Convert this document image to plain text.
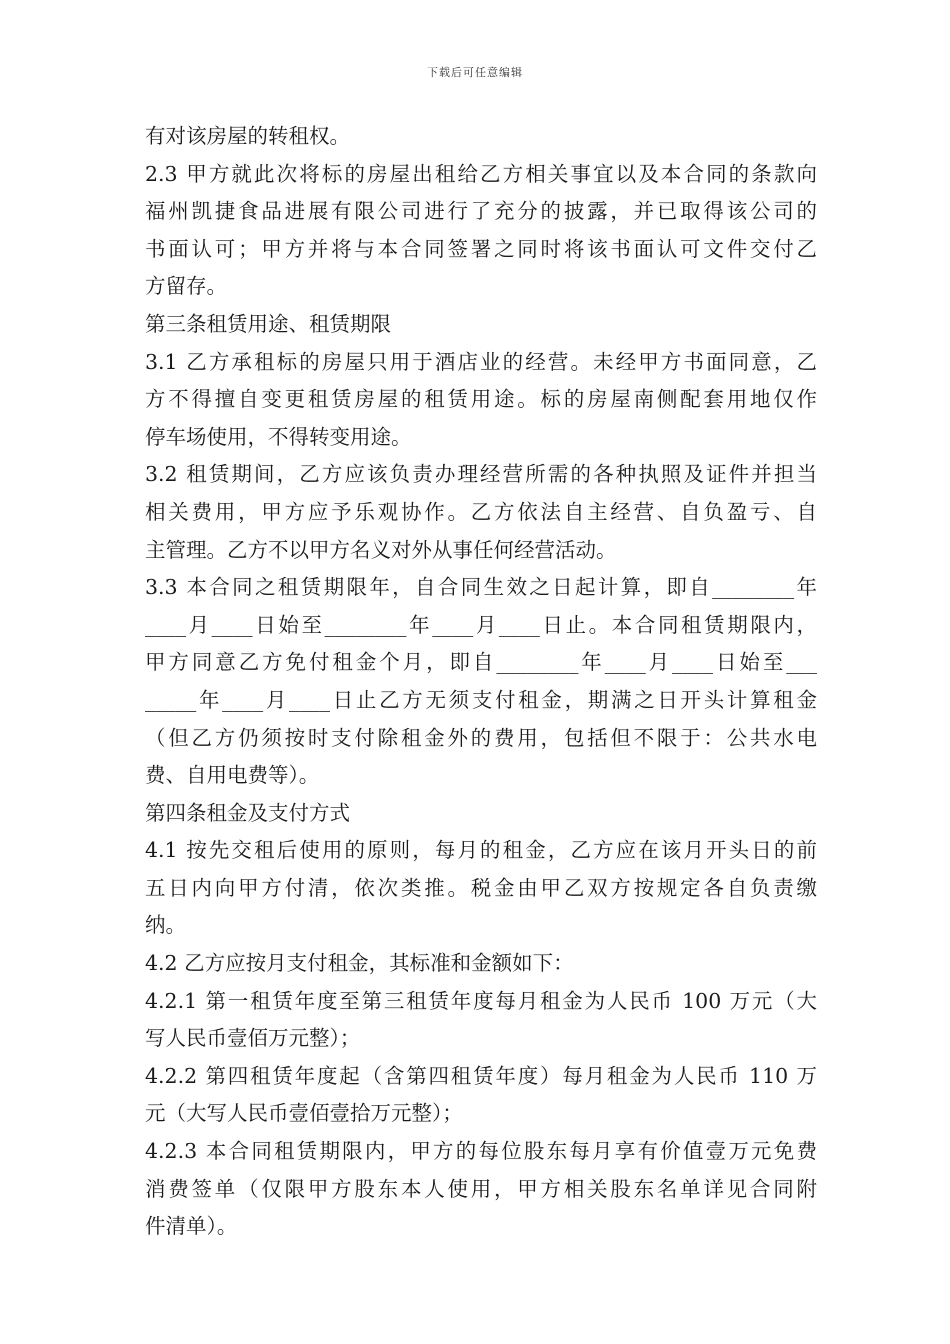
下载后可任意编辑
有对该房屋的转租权。
2.3 甲方就此次将标的房屋出租给乙方相关事宜以及本合同的条款向
福州凯捷食品进展有限公司进行了充分的披露，并已取得该公司的
书面认可；甲方并将与本合同签署之同时将该书面认可文件交付乙
方留存。
第三条租赁用途、租赁期限
3.1 乙方承租标的房屋只用于酒店业的经营。未经甲方书面同意，乙
方不得擅自变更租赁房屋的租赁用途。标的房屋南侧配套用地仅作
停车场使用，不得转变用途。
3.2 租赁期间，乙方应该负责办理经营所需的各种执照及证件并担当
相关费用，甲方应予乐观协作。乙方依法自主经营、自负盈亏、自
主管理。乙方不以甲方名义对外从事任何经营活动。
3.3 本合同之租赁期限年，自合同生效之日起计算，即自________年
____月____日始至________年____月____日止。本合同租赁期限内，
甲方同意乙方免付租金个月，即自________年____月____日始至___
_____年____月____日止乙方无须支付租金，期满之日开头计算租金
（但乙方仍须按时支付除租金外的费用，包括但不限于：公共水电
费、自用电费等）。
第四条租金及支付方式
4.1 按先交租后使用的原则，每月的租金，乙方应在该月开头日的前
五日内向甲方付清，依次类推。税金由甲乙双方按规定各自负责缴
纳。
4.2 乙方应按月支付租金，其标准和金额如下：
4.2.1 第一租赁年度至第三租赁年度每月租金为人民币 100 万元（大
写人民币壹佰万元整）；
4.2.2 第四租赁年度起（含第四租赁年度）每月租金为人民币 110 万
元（大写人民币壹佰壹拾万元整）；
4.2.3 本合同租赁期限内，甲方的每位股东每月享有价值壹万元免费
消费签单（仅限甲方股东本人使用，甲方相关股东名单详见合同附
件清单）。
